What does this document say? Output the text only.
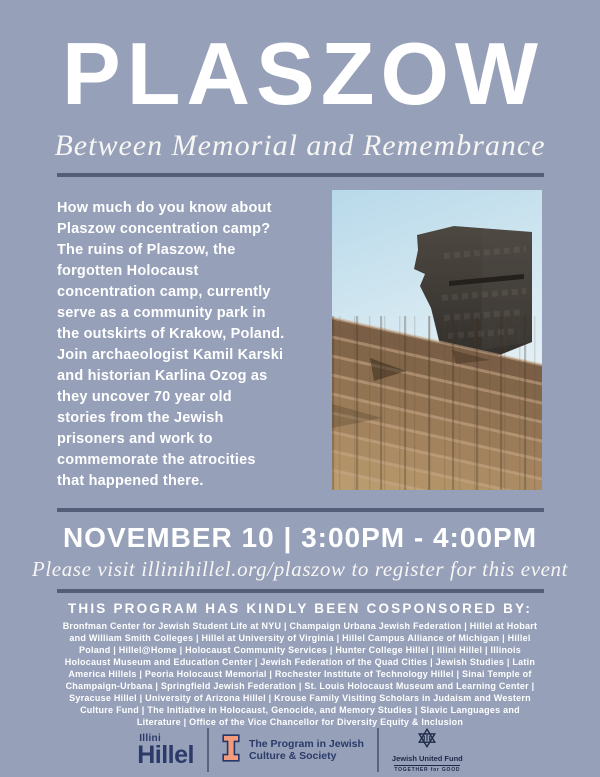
PLASZOW
Between Memorial and Remembrance
How much do you know about
Plaszow concentration camp?
The ruins of Plaszow, the
forgotten Holocaust
concentration camp, currently
serve as a community park in
the outskirts of Krakow, Poland.
Join archaeologist Kamil Karski
and historian Karlina Ozog as
they uncover 70 year old
stories from the Jewish
prisoners and work to
commemorate the atrocities
that happened there.
NOVEMBER 10 | 3:00PM - 4:00PM
Please visit illinihillel.org/plaszow to register for this event
THIS PROGRAM HAS KINDLY BEEN COSPONSORED BY:
Bronfman Center for Jewish Student Life at NYU | Champaign Urbana Jewish Federation | Hillel at Hobart
and William Smith Colleges | Hillel at University of Virginia | Hillel Campus Alliance of Michigan | Hillel
Poland | Hillel@Home | Holocaust Community Services | Hunter College Hillel | Illini Hillel | Illinois
Holocaust Museum and Education Center | Jewish Federation of the Quad Cities | Jewish Studies | Latin
America Hillels | Peoria Holocaust Memorial | Rochester Institute of Technology Hillel | Sinai Temple of
Champaign-Urbana | Springfield Jewish Federation | St. Louis Holocaust Museum and Learning Center |
Syracuse Hillel | University of Arizona Hillel | Krouse Family Visiting Scholars in Judaism and Western
Culture Fund | The Initiative in Holocaust, Genocide, and Memory Studies | Slavic Languages and
Literature | Office of the Vice Chancellor for Diversity Equity & Inclusion
Illini
Hillel	The Program in Jewish
Culture & Society	Jewish United Fund
TOGETHER for GOOD
